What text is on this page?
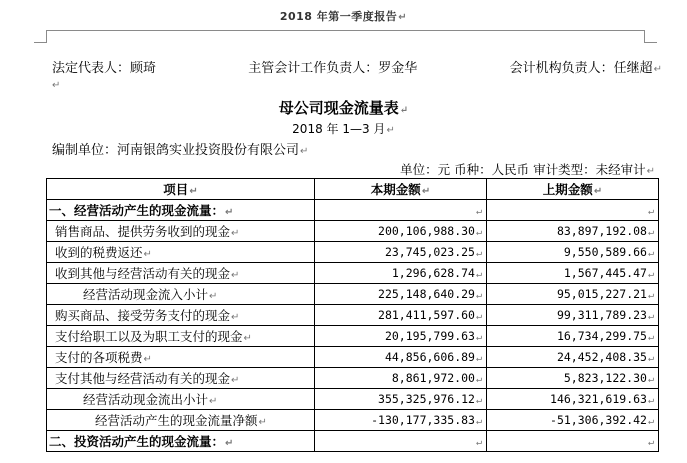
2018 年第一季度报告↵
法定代表人：顾琦	主管会计工作负责人：罗金华	会计机构负责人：任继超↵
↵
母公司现金流量表↵
2018 年 1—3 月↵
编制单位：河南银鸽实业投资股份有限公司↵
单位：元 币种：人民币 审计类型：未经审计↵
项目↵	本期金额↵	上期金额↵
一、经营活动产生的现金流量：↵	↵	↵
销售商品、提供劳务收到的现金↵	200,106,988.30↵	83,897,192.08↵
收到的税费返还↵	23,745,023.25↵	9,550,589.66↵
收到其他与经营活动有关的现金↵	1,296,628.74↵	1,567,445.47↵
经营活动现金流入小计↵	225,148,640.29↵	95,015,227.21↵
购买商品、接受劳务支付的现金↵	281,411,597.60↵	99,311,789.23↵
支付给职工以及为职工支付的现金↵	20,195,799.63↵	16,734,299.75↵
支付的各项税费↵	44,856,606.89↵	24,452,408.35↵
支付其他与经营活动有关的现金↵	8,861,972.00↵	5,823,122.30↵
经营活动现金流出小计↵	355,325,976.12↵	146,321,619.63↵
经营活动产生的现金流量净额↵	-130,177,335.83↵	-51,306,392.42↵
二、投资活动产生的现金流量：↵	↵	↵
